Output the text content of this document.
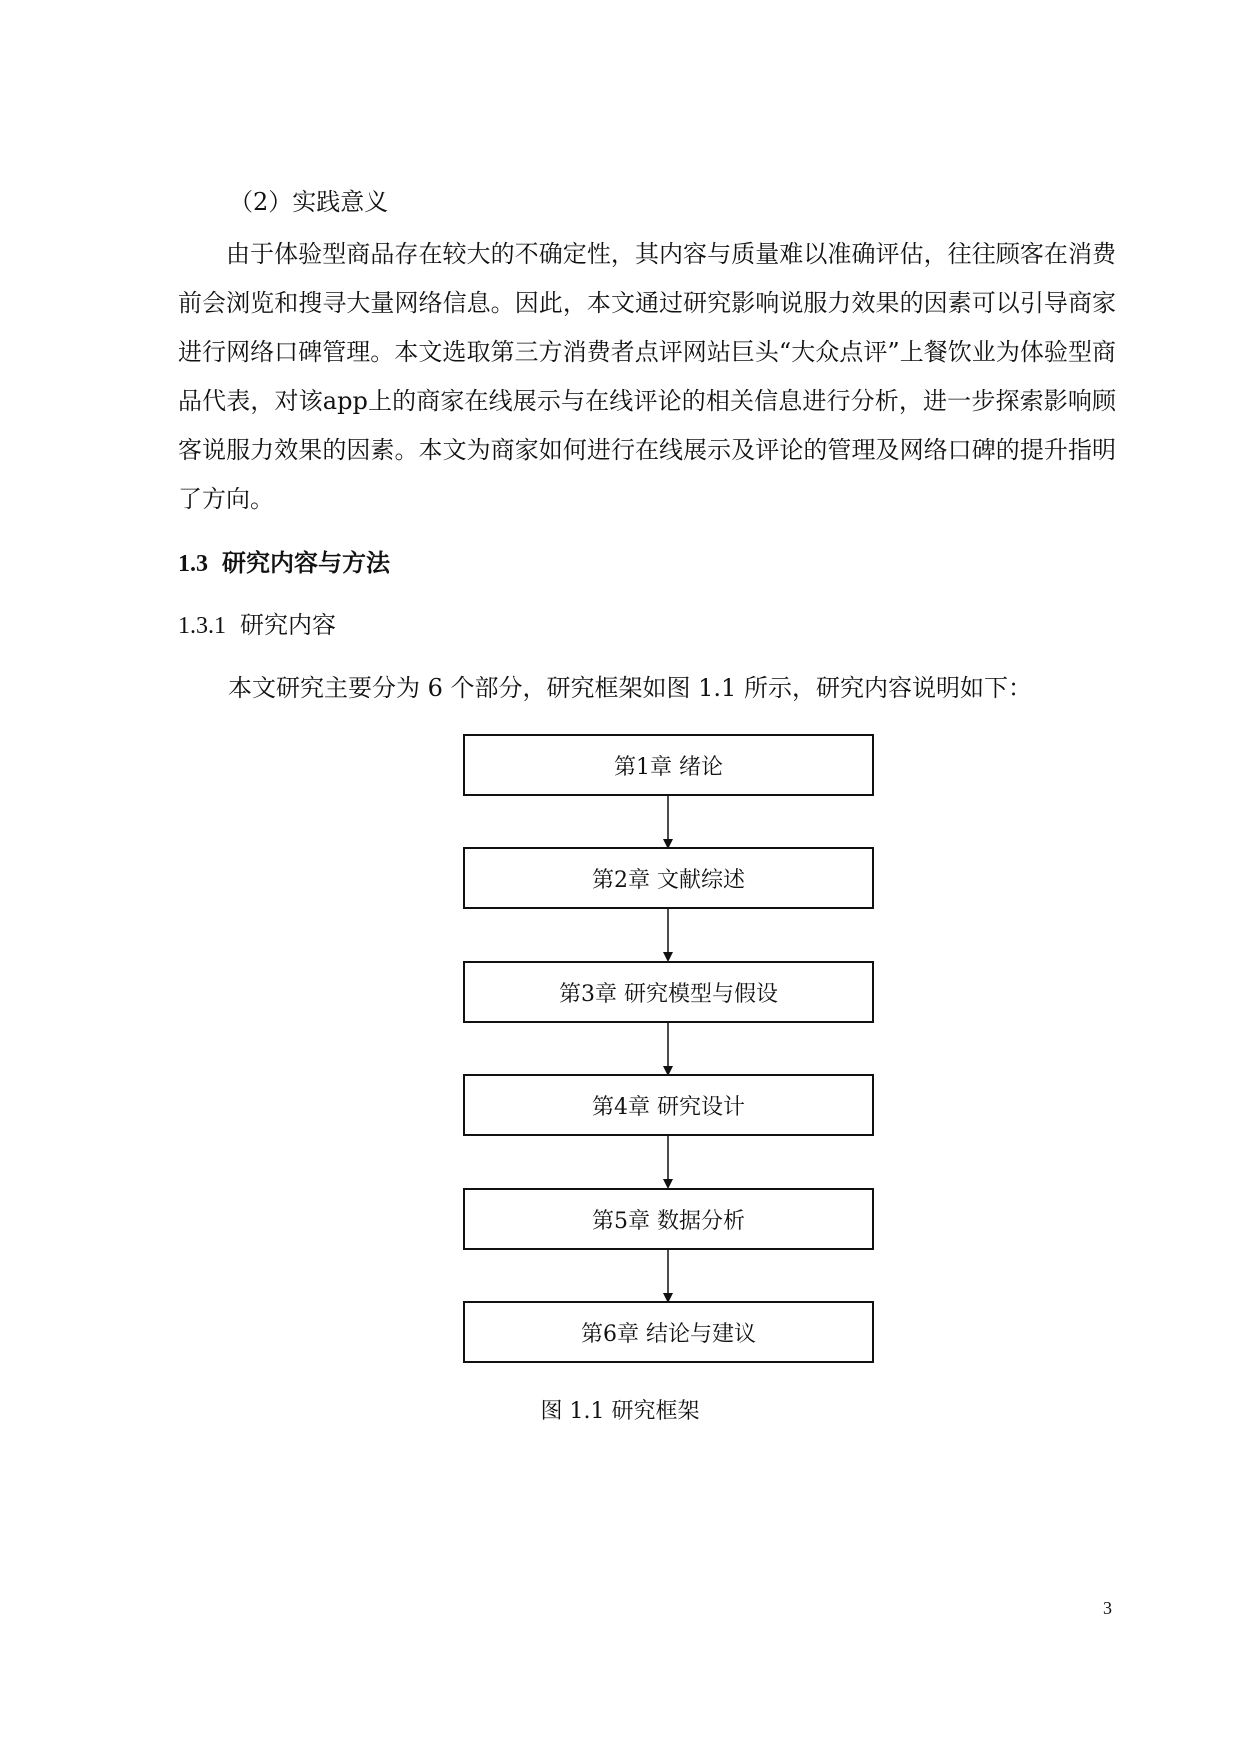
（2）实践意义

由于体验型商品存在较大的不确定性，其内容与质量难以准确评估，往往顾客在消费前会浏览和搜寻大量网络信息。因此，本文通过研究影响说服力效果的因素可以引导商家进行网络口碑管理。本文选取第三方消费者点评网站巨头“大众点评”上餐饮业为体验型商品代表，对该app上的商家在线展示与在线评论的相关信息进行分析，进一步探索影响顾客说服力效果的因素。本文为商家如何进行在线展示及评论的管理及网络口碑的提升指明了方向。

1.3 研究内容与方法
1.3.1 研究内容
本文研究主要分为 6 个部分，研究框架如图 1.1 所示，研究内容说明如下：
第1章 绪论
第2章 文献综述
第3章 研究模型与假设
第4章 研究设计
第5章 数据分析
第6章 结论与建议
图 1.1 研究框架
3
